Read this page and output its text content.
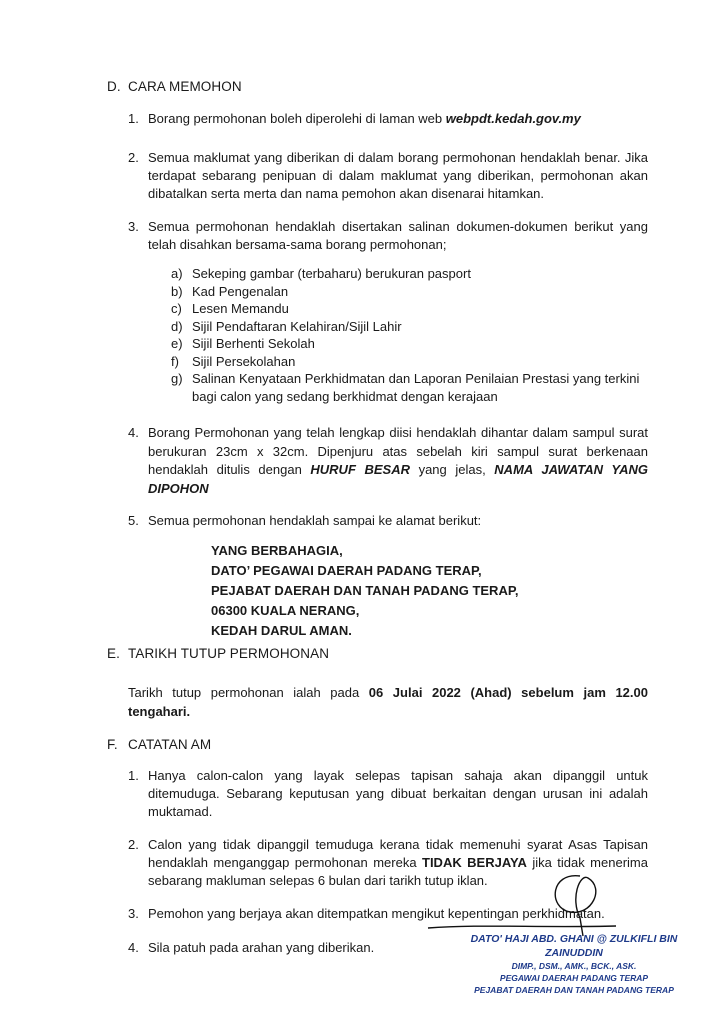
D. CARA MEMOHON
1. Borang permohonan boleh diperolehi di laman web webpdt.kedah.gov.my
2. Semua maklumat yang diberikan di dalam borang permohonan hendaklah benar. Jika terdapat sebarang penipuan di dalam maklumat yang diberikan, permohonan akan dibatalkan serta merta dan nama pemohon akan disenarai hitamkan.
3. Semua permohonan hendaklah disertakan salinan dokumen-dokumen berikut yang telah disahkan bersama-sama borang permohonan;
a) Sekeping gambar (terbaharu) berukuran pasport
b) Kad Pengenalan
c) Lesen Memandu
d) Sijil Pendaftaran Kelahiran/Sijil Lahir
e) Sijil Berhenti Sekolah
f) Sijil Persekolahan
g) Salinan Kenyataan Perkhidmatan dan Laporan Penilaian Prestasi yang terkini bagi calon yang sedang berkhidmat dengan kerajaan
4. Borang Permohonan yang telah lengkap diisi hendaklah dihantar dalam sampul surat berukuran 23cm x 32cm. Dipenjuru atas sebelah kiri sampul surat berkenaan hendaklah ditulis dengan HURUF BESAR yang jelas, NAMA JAWATAN YANG DIPOHON
5. Semua permohonan hendaklah sampai ke alamat berikut:
YANG BERBAHAGIA,
DATO’ PEGAWAI DAERAH PADANG TERAP,
PEJABAT DAERAH DAN TANAH PADANG TERAP,
06300 KUALA NERANG,
KEDAH DARUL AMAN.
E. TARIKH TUTUP PERMOHONAN
Tarikh tutup permohonan ialah pada 06 Julai 2022 (Ahad) sebelum jam 12.00 tengahari.
F. CATATAN AM
1. Hanya calon-calon yang layak selepas tapisan sahaja akan dipanggil untuk ditemuduga. Sebarang keputusan yang dibuat berkaitan dengan urusan ini adalah muktamad.
2. Calon yang tidak dipanggil temuduga kerana tidak memenuhi syarat Asas Tapisan hendaklah menganggap permohonan mereka TIDAK BERJAYA jika tidak menerima sebarang makluman selepas 6 bulan dari tarikh tutup iklan.
3. Pemohon yang berjaya akan ditempatkan mengikut kepentingan perkhidmatan.
4. Sila patuh pada arahan yang diberikan.
DATO' HAJI ABD. GHANI @ ZULKIFLI BIN ZAINUDDIN
DIMP., DSM., AMK., BCK., ASK.
PEGAWAI DAERAH PADANG TERAP
PEJABAT DAERAH DAN TANAH PADANG TERAP
